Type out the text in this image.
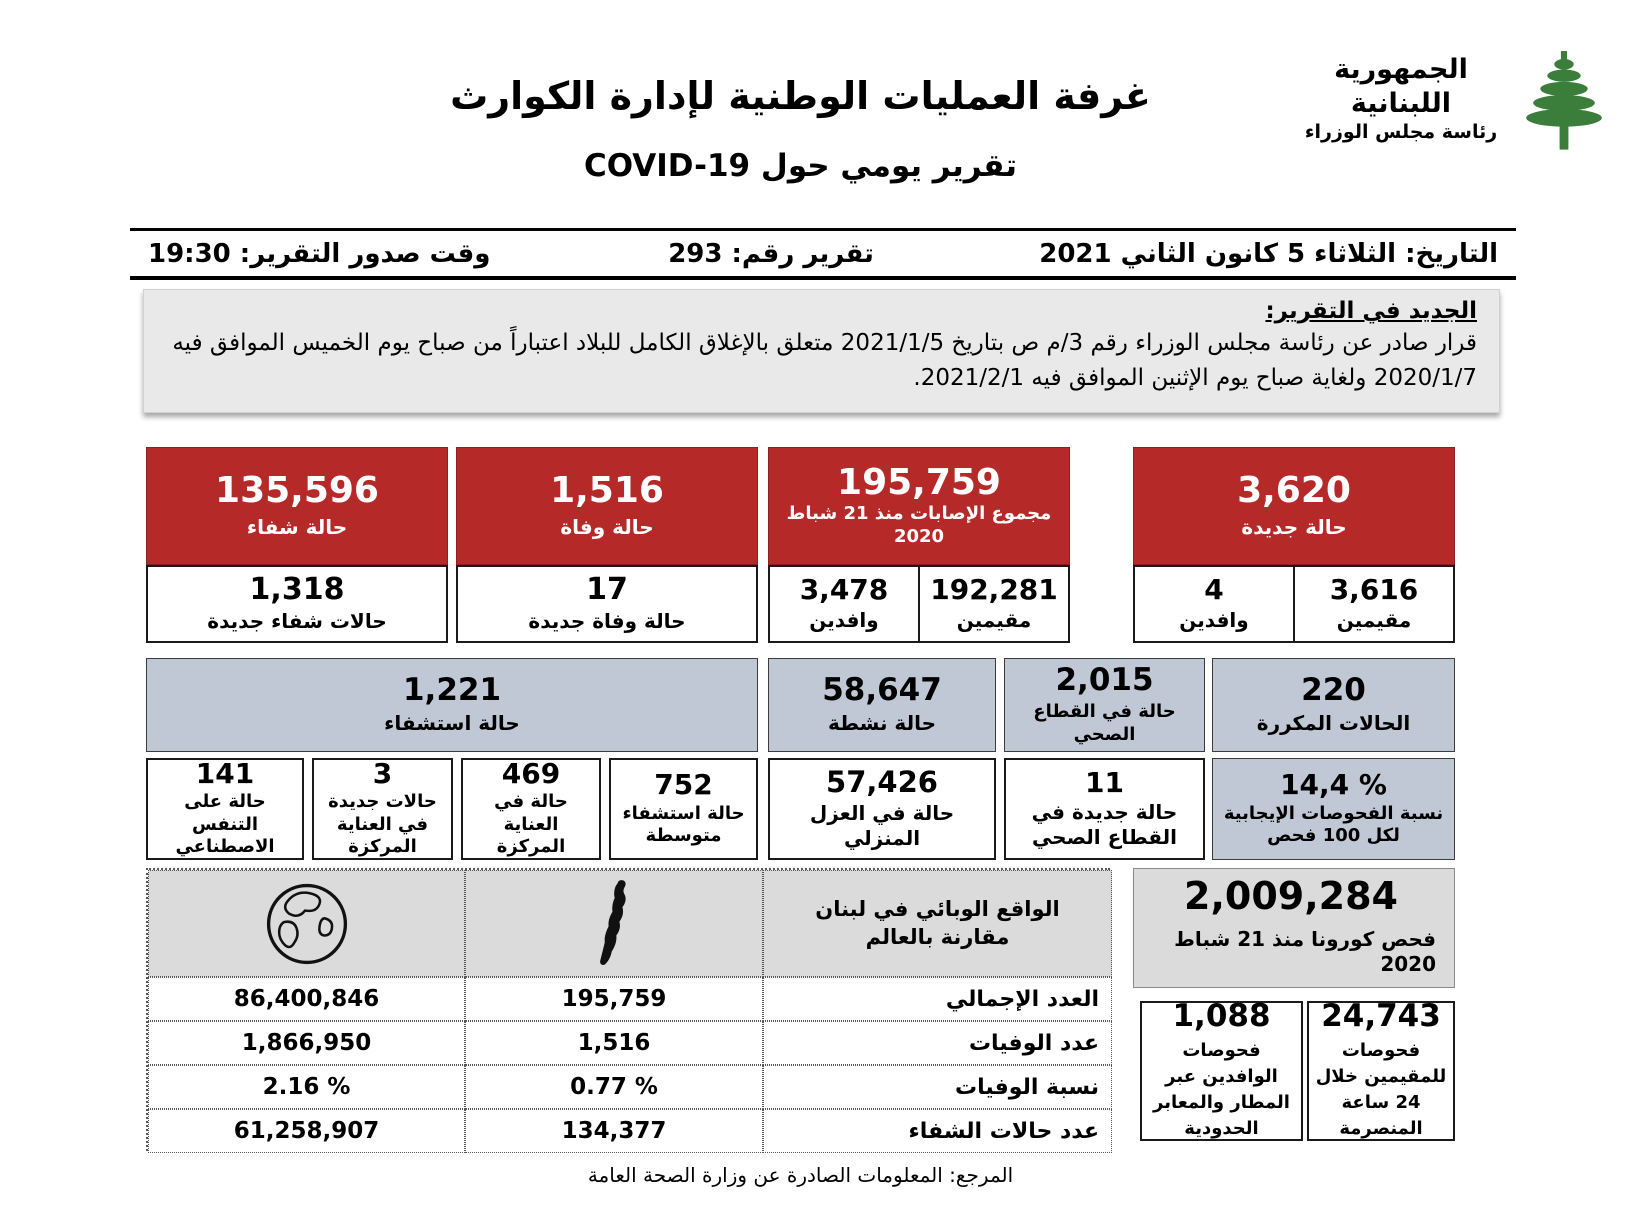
الجمهورية اللبنانية
رئاسة مجلس الوزراء
غرفة العمليات الوطنية لإدارة الكوارث
تقرير يومي حول COVID-19
التاريخ: الثلاثاء 5 كانون الثاني 2021
تقرير رقم: 293
وقت صدور التقرير: 19:30
الجديد في التقرير:
قرار صادر عن رئاسة مجلس الوزراء رقم 3/م ص بتاريخ 2021/1/5 متعلق بالإغلاق الكامل للبلاد اعتباراً من صباح يوم الخميس الموافق فيه 2020/1/7 ولغاية صباح يوم الإثنين الموافق فيه 2021/2/1.
135,596
حالة شفاء
1,516
حالة وفاة
195,759
مجموع الإصابات منذ 21 شباط 2020
3,620
حالة جديدة
1,318
حالات شفاء جديدة
17
حالة وفاة جديدة
3,478
وافدين
192,281
مقيمين
4
وافدين
3,616
مقيمين
1,221
حالة استشفاء
58,647
حالة نشطة
2,015
حالة في القطاع الصحي
220
الحالات المكررة
141
حالة على التنفس الاصطناعي
3
حالات جديدة في العناية المركزة
469
حالة في العناية المركزة
752
حالة استشفاء متوسطة
57,426
حالة في العزل المنزلي
11
حالة جديدة في القطاع الصحي
14,4 %
نسبة الفحوصات الإيجابية لكل 100 فحص
الواقع الوبائي في لبنان مقارنة بالعالم
86,400,846	195,759	العدد الإجمالي
1,866,950	1,516	عدد الوفيات
2.16 %	0.77 %	نسبة الوفيات
61,258,907	134,377	عدد حالات الشفاء
2,009,284
فحص كورونا منذ 21 شباط 2020
1,088
فحوصات الوافدين عبر المطار والمعابر الحدودية
24,743
فحوصات للمقيمين خلال 24 ساعة المنصرمة
المرجع: المعلومات الصادرة عن وزارة الصحة العامة
